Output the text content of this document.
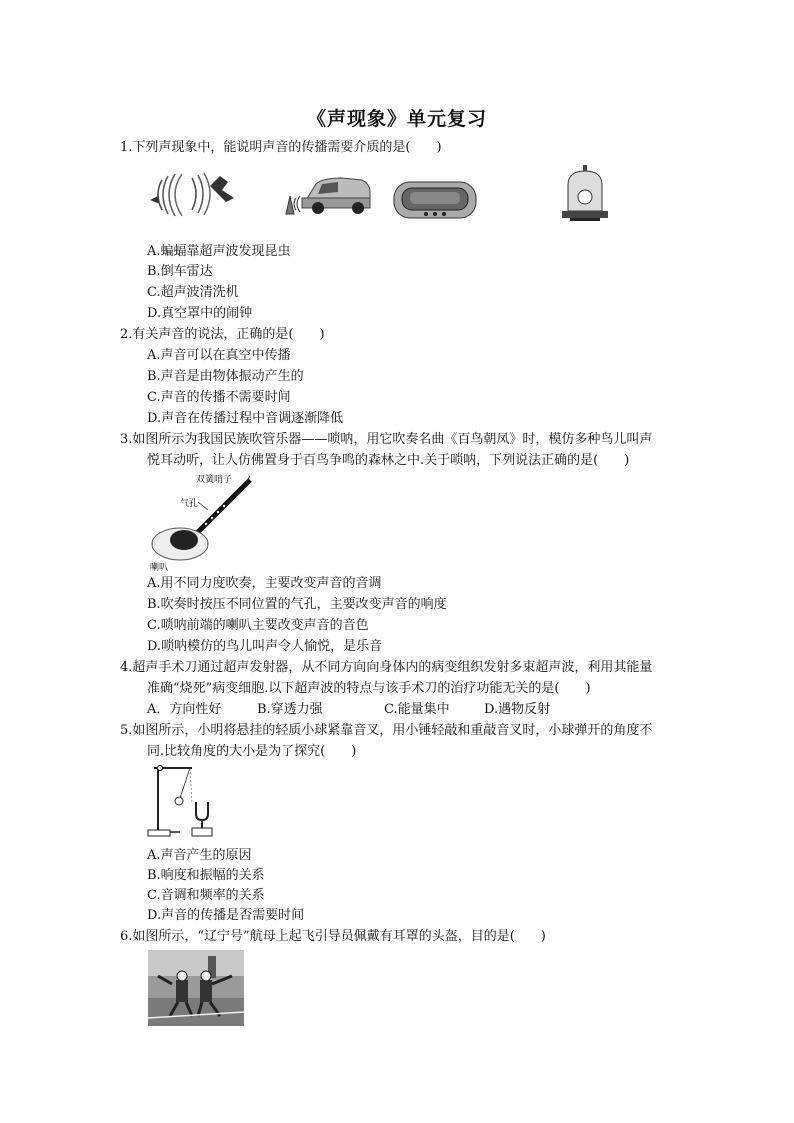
《声现象》单元复习
1.下列声现象中，能说明声音的传播需要介质的是(　　)
A.蝙蝠靠超声波发现昆虫
B.倒车雷达
C.超声波清洗机
D.真空罩中的闹钟
2.有关声音的说法，正确的是(　　)
A.声音可以在真空中传播
B.声音是由物体振动产生的
C.声音的传播不需要时间
D.声音在传播过程中音调逐渐降低
3.如图所示为我国民族吹管乐器——唢呐，用它吹奏名曲《百鸟朝凤》时，模仿多种鸟儿叫声
悦耳动听，让人仿佛置身于百鸟争鸣的森林之中.关于唢呐，下列说法正确的是(　　)
双簧哨子
气孔
喇叭
A.用不同力度吹奏，主要改变声音的音调
B.吹奏时按压不同位置的气孔，主要改变声音的响度
C.唢呐前端的喇叭主要改变声音的音色
D.唢呐模仿的鸟儿叫声令人愉悦，是乐音
4.超声手术刀通过超声发射器，从不同方向向身体内的病变组织发射多束超声波，利用其能量
准确“烧死”病变细胞.以下超声波的特点与该手术刀的治疗功能无关的是(　　)
A．方向性好	B.穿透力强	C.能量集中	D.遇物反射
5.如图所示，小明将悬挂的轻质小球紧靠音叉，用小锤轻敲和重敲音叉时，小球弹开的角度不
同.比较角度的大小是为了探究(　　)
A.声音产生的原因
B.响度和振幅的关系
C.音调和频率的关系
D.声音的传播是否需要时间
6.如图所示，“辽宁号”航母上起飞引导员佩戴有耳罩的头盔，目的是(　　)
